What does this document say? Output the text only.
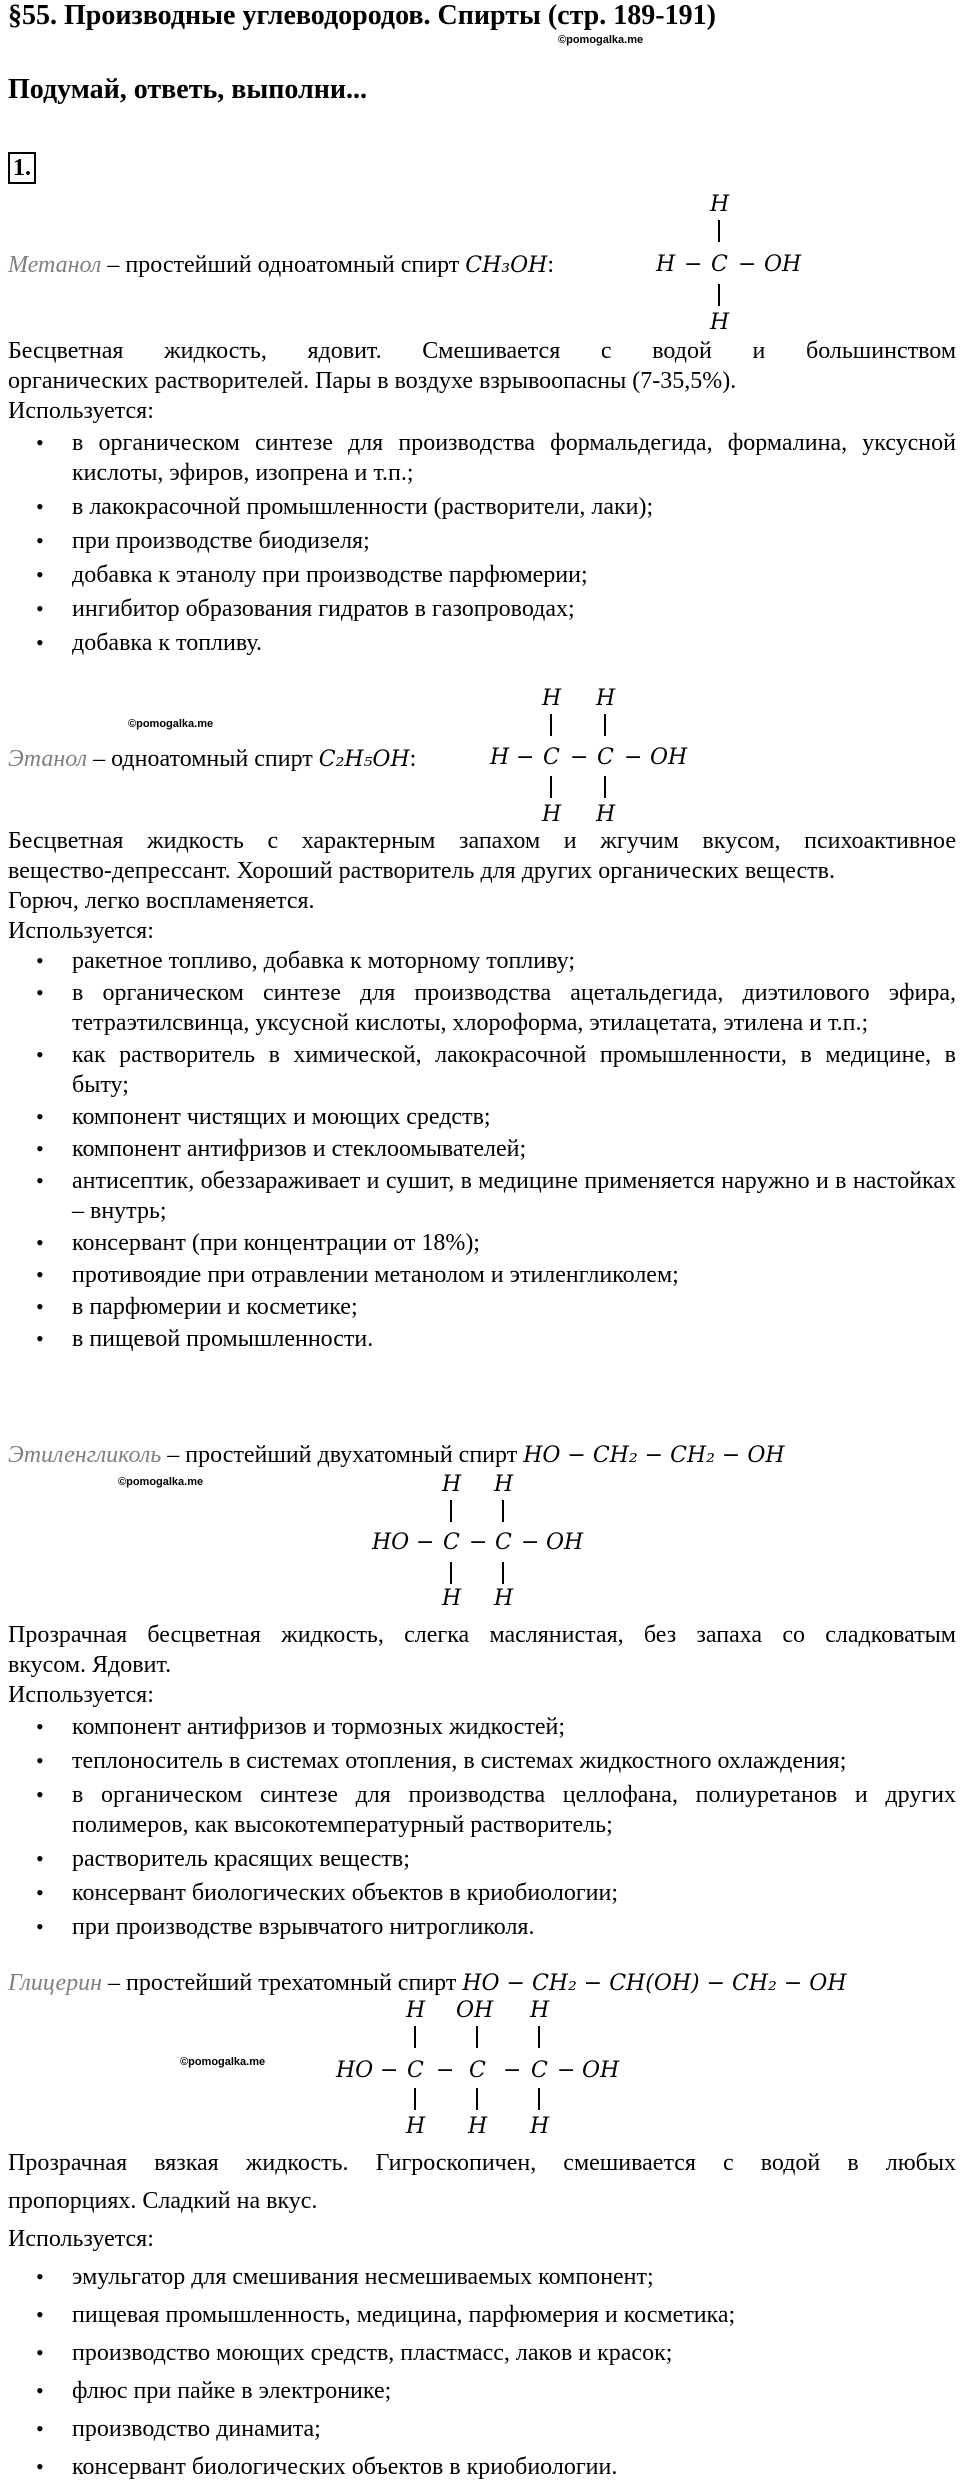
§55. Производные углеводородов. Спирты (стр. 189-191)
©pomogalka.me
Подумай, ответь, выполни...
1.
Метанол – простейший одноатомный спирт CH₃OH:
H
H − C − OH
H
Бесцветная жидкость, ядовит. Смешивается с водой и большинством
органических растворителей. Пары в воздухе взрывоопасны (7-35,5%).
Используется:
• в органическом синтезе для производства формальдегида, формалина, уксусной кислоты, эфиров, изопрена и т.п.;
• в лакокрасочной промышленности (растворители, лаки);
• при производстве биодизеля;
• добавка к этанолу при производстве парфюмерии;
• ингибитор образования гидратов в газопроводах;
• добавка к топливу.
©pomogalka.me
Этанол – одноатомный спирт C₂H₅OH:
H H
H − C − C − OH
H H
Бесцветная жидкость с характерным запахом и жгучим вкусом, психоактивное
вещество-депрессант. Хороший растворитель для других органических веществ.
Горюч, легко воспламеняется.
Используется:
• ракетное топливо, добавка к моторному топливу;
• в органическом синтезе для производства ацетальдегида, диэтилового эфира, тетраэтилсвинца, уксусной кислоты, хлороформа, этилацетата, этилена и т.п.;
• как растворитель в химической, лакокрасочной промышленности, в медицине, в быту;
• компонент чистящих и моющих средств;
• компонент антифризов и стеклоомывателей;
• антисептик, обеззараживает и сушит, в медицине применяется наружно и в настойках – внутрь;
• консервант (при концентрации от 18%);
• противоядие при отравлении метанолом и этиленгликолем;
• в парфюмерии и косметике;
• в пищевой промышленности.
Этиленгликоль – простейший двухатомный спирт HO − CH₂ − CH₂ − OH
©pomogalka.me	H H
HO − C − C − OH
H H
Прозрачная бесцветная жидкость, слегка маслянистая, без запаха со сладковатым
вкусом. Ядовит.
Используется:
• компонент антифризов и тормозных жидкостей;
• теплоноситель в системах отопления, в системах жидкостного охлаждения;
• в органическом синтезе для производства целлофана, полиуретанов и других полимеров, как высокотемпературный растворитель;
• растворитель красящих веществ;
• консервант биологических объектов в криобиологии;
• при производстве взрывчатого нитрогликоля.
Глицерин – простейший трехатомный спирт HO − CH₂ − CH(OH) − CH₂ − OH
©pomogalka.me
H OH H
HO − C − C − C − OH
H H H
Прозрачная вязкая жидкость. Гигроскопичен, смешивается с водой в любых
пропорциях. Сладкий на вкус.
Используется:
• эмульгатор для смешивания несмешиваемых компонент;
• пищевая промышленность, медицина, парфюмерия и косметика;
• производство моющих средств, пластмасс, лаков и красок;
• флюс при пайке в электронике;
• производство динамита;
• консервант биологических объектов в криобиологии.
